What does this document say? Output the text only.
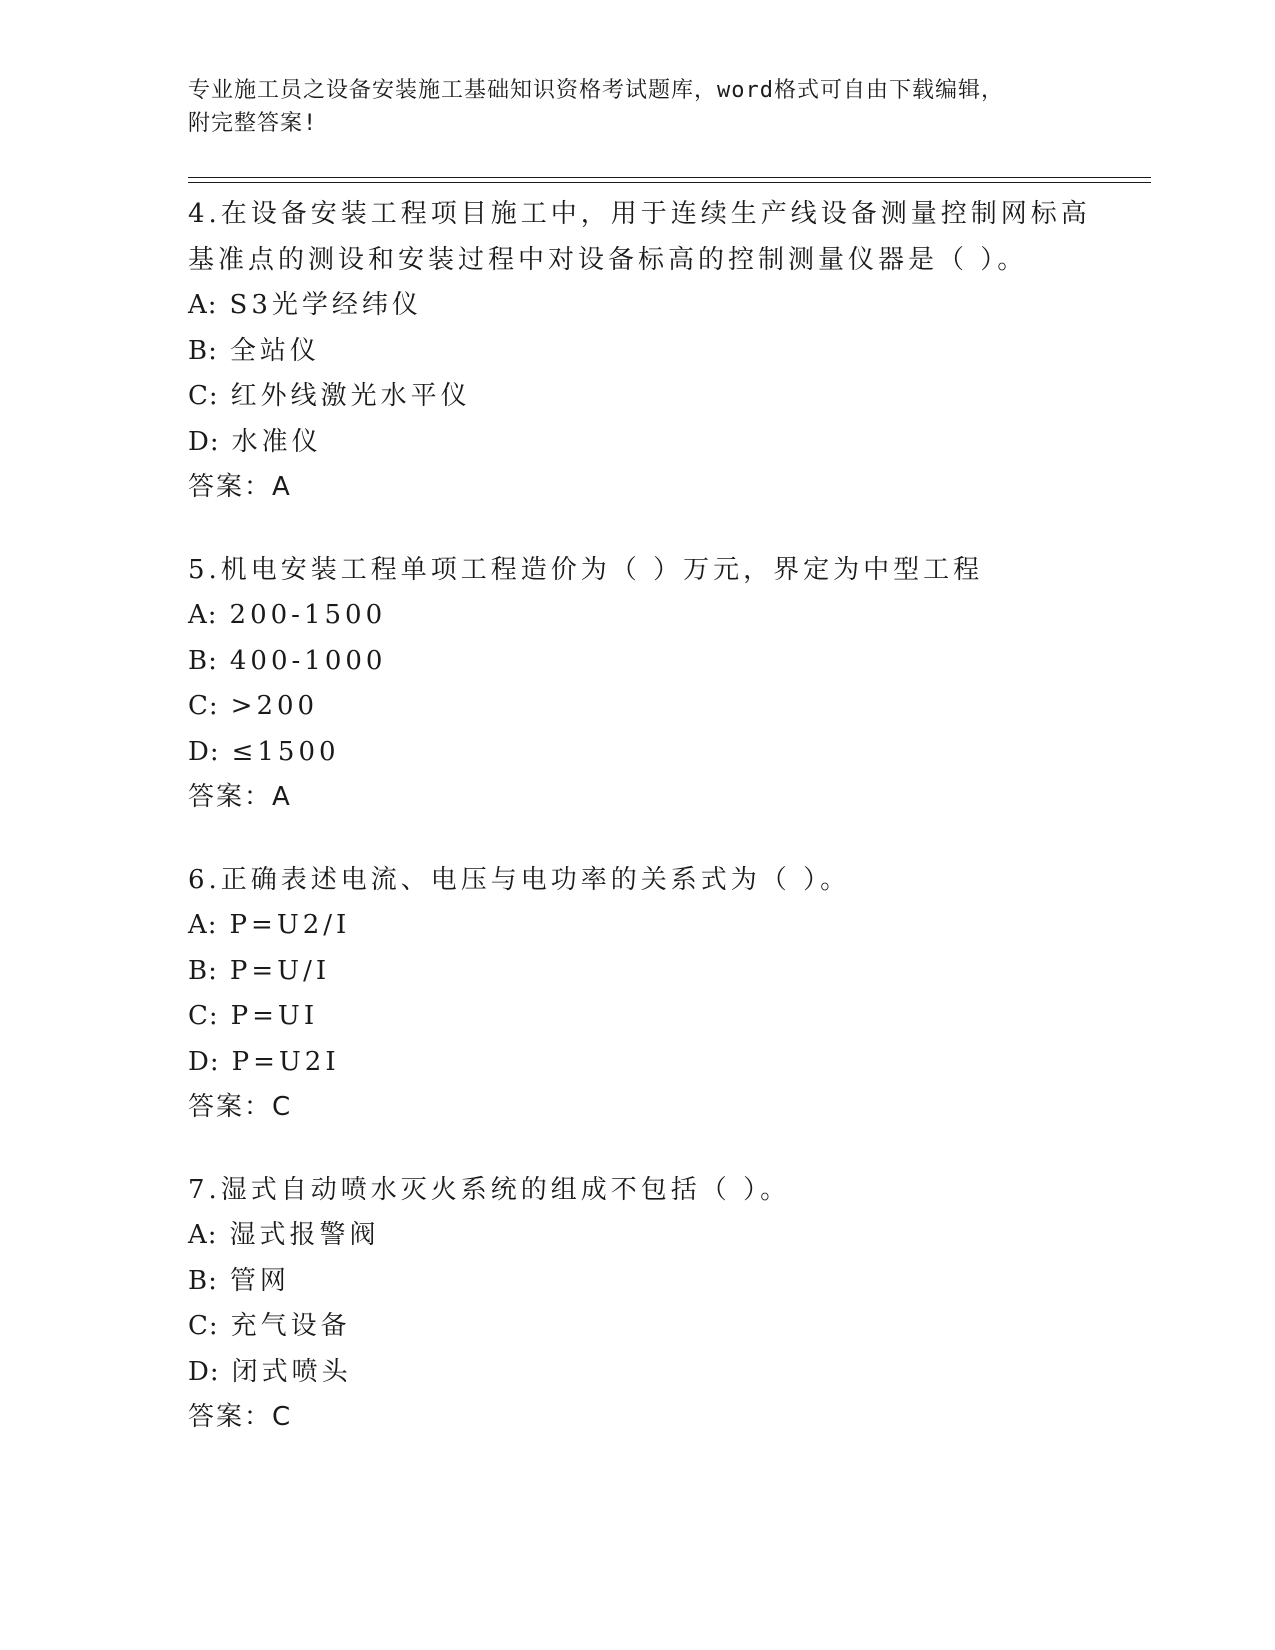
专业施工员之设备安装施工基础知识资格考试题库，word格式可自由下载编辑，
附完整答案!
4.在设备安装工程项目施工中，用于连续生产线设备测量控制网标高
基准点的测设和安装过程中对设备标高的控制测量仪器是（ ）。
A: S3光学经纬仪
B: 全站仪
C: 红外线激光水平仪
D: 水准仪
答案：A
5.机电安装工程单项工程造价为（ ）万元，界定为中型工程
A: 200-1500
B: 400-1000
C: >200
D: ≤1500
答案：A
6.正确表述电流、电压与电功率的关系式为（ ）。
A: P=U2/I
B: P=U/I
C: P=UI
D: P=U2I
答案：C
7.湿式自动喷水灭火系统的组成不包括（ ）。
A: 湿式报警阀
B: 管网
C: 充气设备
D: 闭式喷头
答案：C
